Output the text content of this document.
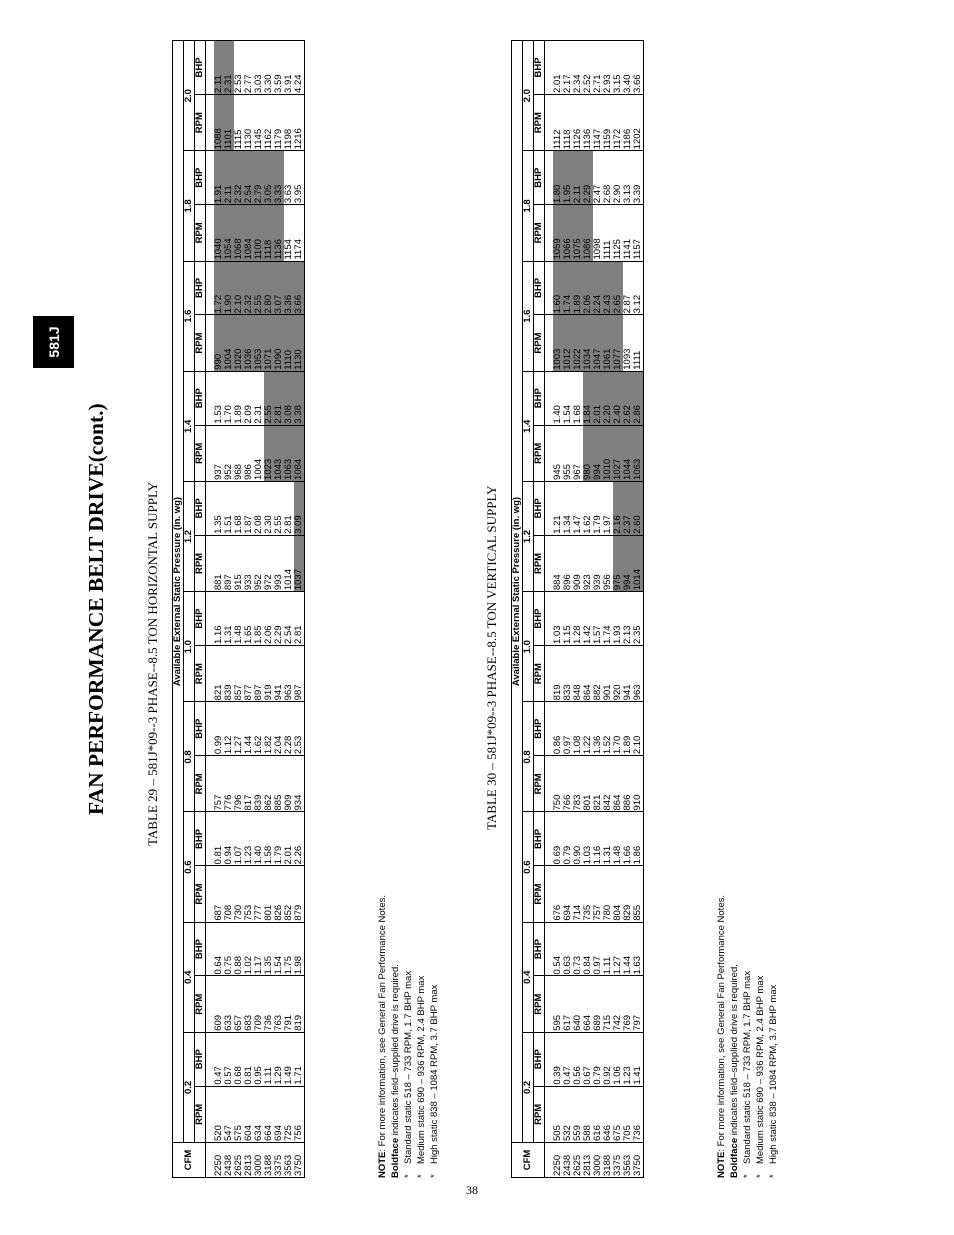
581J
FAN PERFORMANCE BELT DRIVE(cont.)	TABLE 29 – 581J*09--3 PHASE--8.5 TON HORIZONTAL SUPPLY
CFM	Available External Static Pressure (in. wg)																			
	0.2		0.4		0.6		0.8		1.0		1.2		1.4		1.6		1.8		2.0	
	RPM	BHP	RPM	BHP	RPM	BHP	RPM	BHP	RPM	BHP	RPM	BHP	RPM	BHP	RPM	BHP	RPM	BHP	RPM	BHP

2250	520	0.47	609	0.64	687	0.81	757	0.99	821	1.16	881	1.35	937	1.53	990	1.72	1040	1.91	1088	2.11
2438	547	0.57	633	0.75	708	0.94	776	1.12	839	1.31	897	1.51	952	1.70	1004	1.90	1054	2.11	1101	2.31
2625	575	0.68	657	0.88	730	1.07	796	1.27	857	1.48	915	1.68	968	1.89	1020	2.10	1068	2.32	1115	2.53
2813	604	0.81	683	1.02	753	1.23	817	1.44	877	1.65	933	1.87	986	2.09	1036	2.32	1084	2.54	1130	2.77
3000	634	0.95	709	1.17	777	1.40	839	1.62	897	1.85	952	2.08	1004	2.31	1053	2.55	1100	2.79	1145	3.03
3188	664	1.11	736	1.35	801	1.58	862	1.82	919	2.06	972	2.30	1023	2.55	1071	2.80	1118	3.05	1162	3.30
3375	694	1.29	763	1.54	826	1.79	885	2.04	941	2.29	993	2.55	1043	2.81	1090	3.07	1136	3.33	1179	3.59
3563	725	1.49	791	1.75	852	2.01	909	2.28	963	2.54	1014	2.81	1063	3.08	1110	3.36	1154	3.63	1198	3.91
3750	756	1.71	819	1.98	879	2.26	934	2.53	987	2.81	1037	3.09	1084	3.38	1130	3.66	1174	3.95	1216	4.24
NOTE: For more information, see General Fan Performance Notes.
Boldface indicates field–supplied drive is required.
*Standard static 518 – 733 RPM, 1.7 BHP max
*Medium static 690 – 936 RPM, 2.4 BHP max
*High static 838 – 1084 RPM, 3.7 BHP max
TABLE 30 – 581J*09--3 PHASE--8.5 TON VERTICAL SUPPLY
CFM	Available External Static Pressure (in. wg)																			
	0.2		0.4		0.6		0.8		1.0		1.2		1.4		1.6		1.8		2.0	
	RPM	BHP	RPM	BHP	RPM	BHP	RPM	BHP	RPM	BHP	RPM	BHP	RPM	BHP	RPM	BHP	RPM	BHP	RPM	BHP

2250	505	0.39	595	0.54	676	0.69	750	0.86	819	1.03	884	1.21	945	1.40	1003	1.60	1059	1.80	1112	2.01
2438	532	0.47	617	0.63	694	0.79	766	0.97	833	1.15	896	1.34	955	1.54	1012	1.74	1066	1.95	1118	2.17
2625	559	0.56	640	0.73	714	0.90	783	1.08	848	1.28	909	1.47	967	1.68	1022	1.89	1075	2.11	1126	2.34
2813	588	0.67	664	0.84	735	1.03	801	1.22	864	1.42	923	1.62	980	1.84	1034	2.06	1086	2.29	1136	2.52
3000	616	0.79	689	0.97	757	1.16	821	1.36	882	1.57	939	1.79	994	2.01	1047	2.24	1098	2.47	1147	2.71
3188	646	0.92	715	1.11	780	1.31	842	1.52	901	1.74	956	1.97	1010	2.20	1061	2.43	1111	2.68	1159	2.93
3375	675	1.06	742	1.27	804	1.48	864	1.70	920	1.93	975	2.16	1027	2.40	1077	2.65	1125	2.90	1172	3.15
3563	705	1.23	769	1.44	829	1.66	886	1.89	941	2.13	994	2.37	1044	2.62	1093	2.87	1141	3.13	1186	3.40
3750	736	1.41	797	1.63	855	1.86	910	2.10	963	2.35	1014	2.60	1063	2.86	1111	3.12	1157	3.39	1202	3.66
NOTE: For more information, see General Fan Performance Notes.
Boldface indicates field–supplied drive is required.
*Standard static 518 – 733 RPM, 1.7 BHP max
*Medium static 690 – 936 RPM, 2.4 BHP max
*High static 838 – 1084 RPM, 3.7 BHP max
38
